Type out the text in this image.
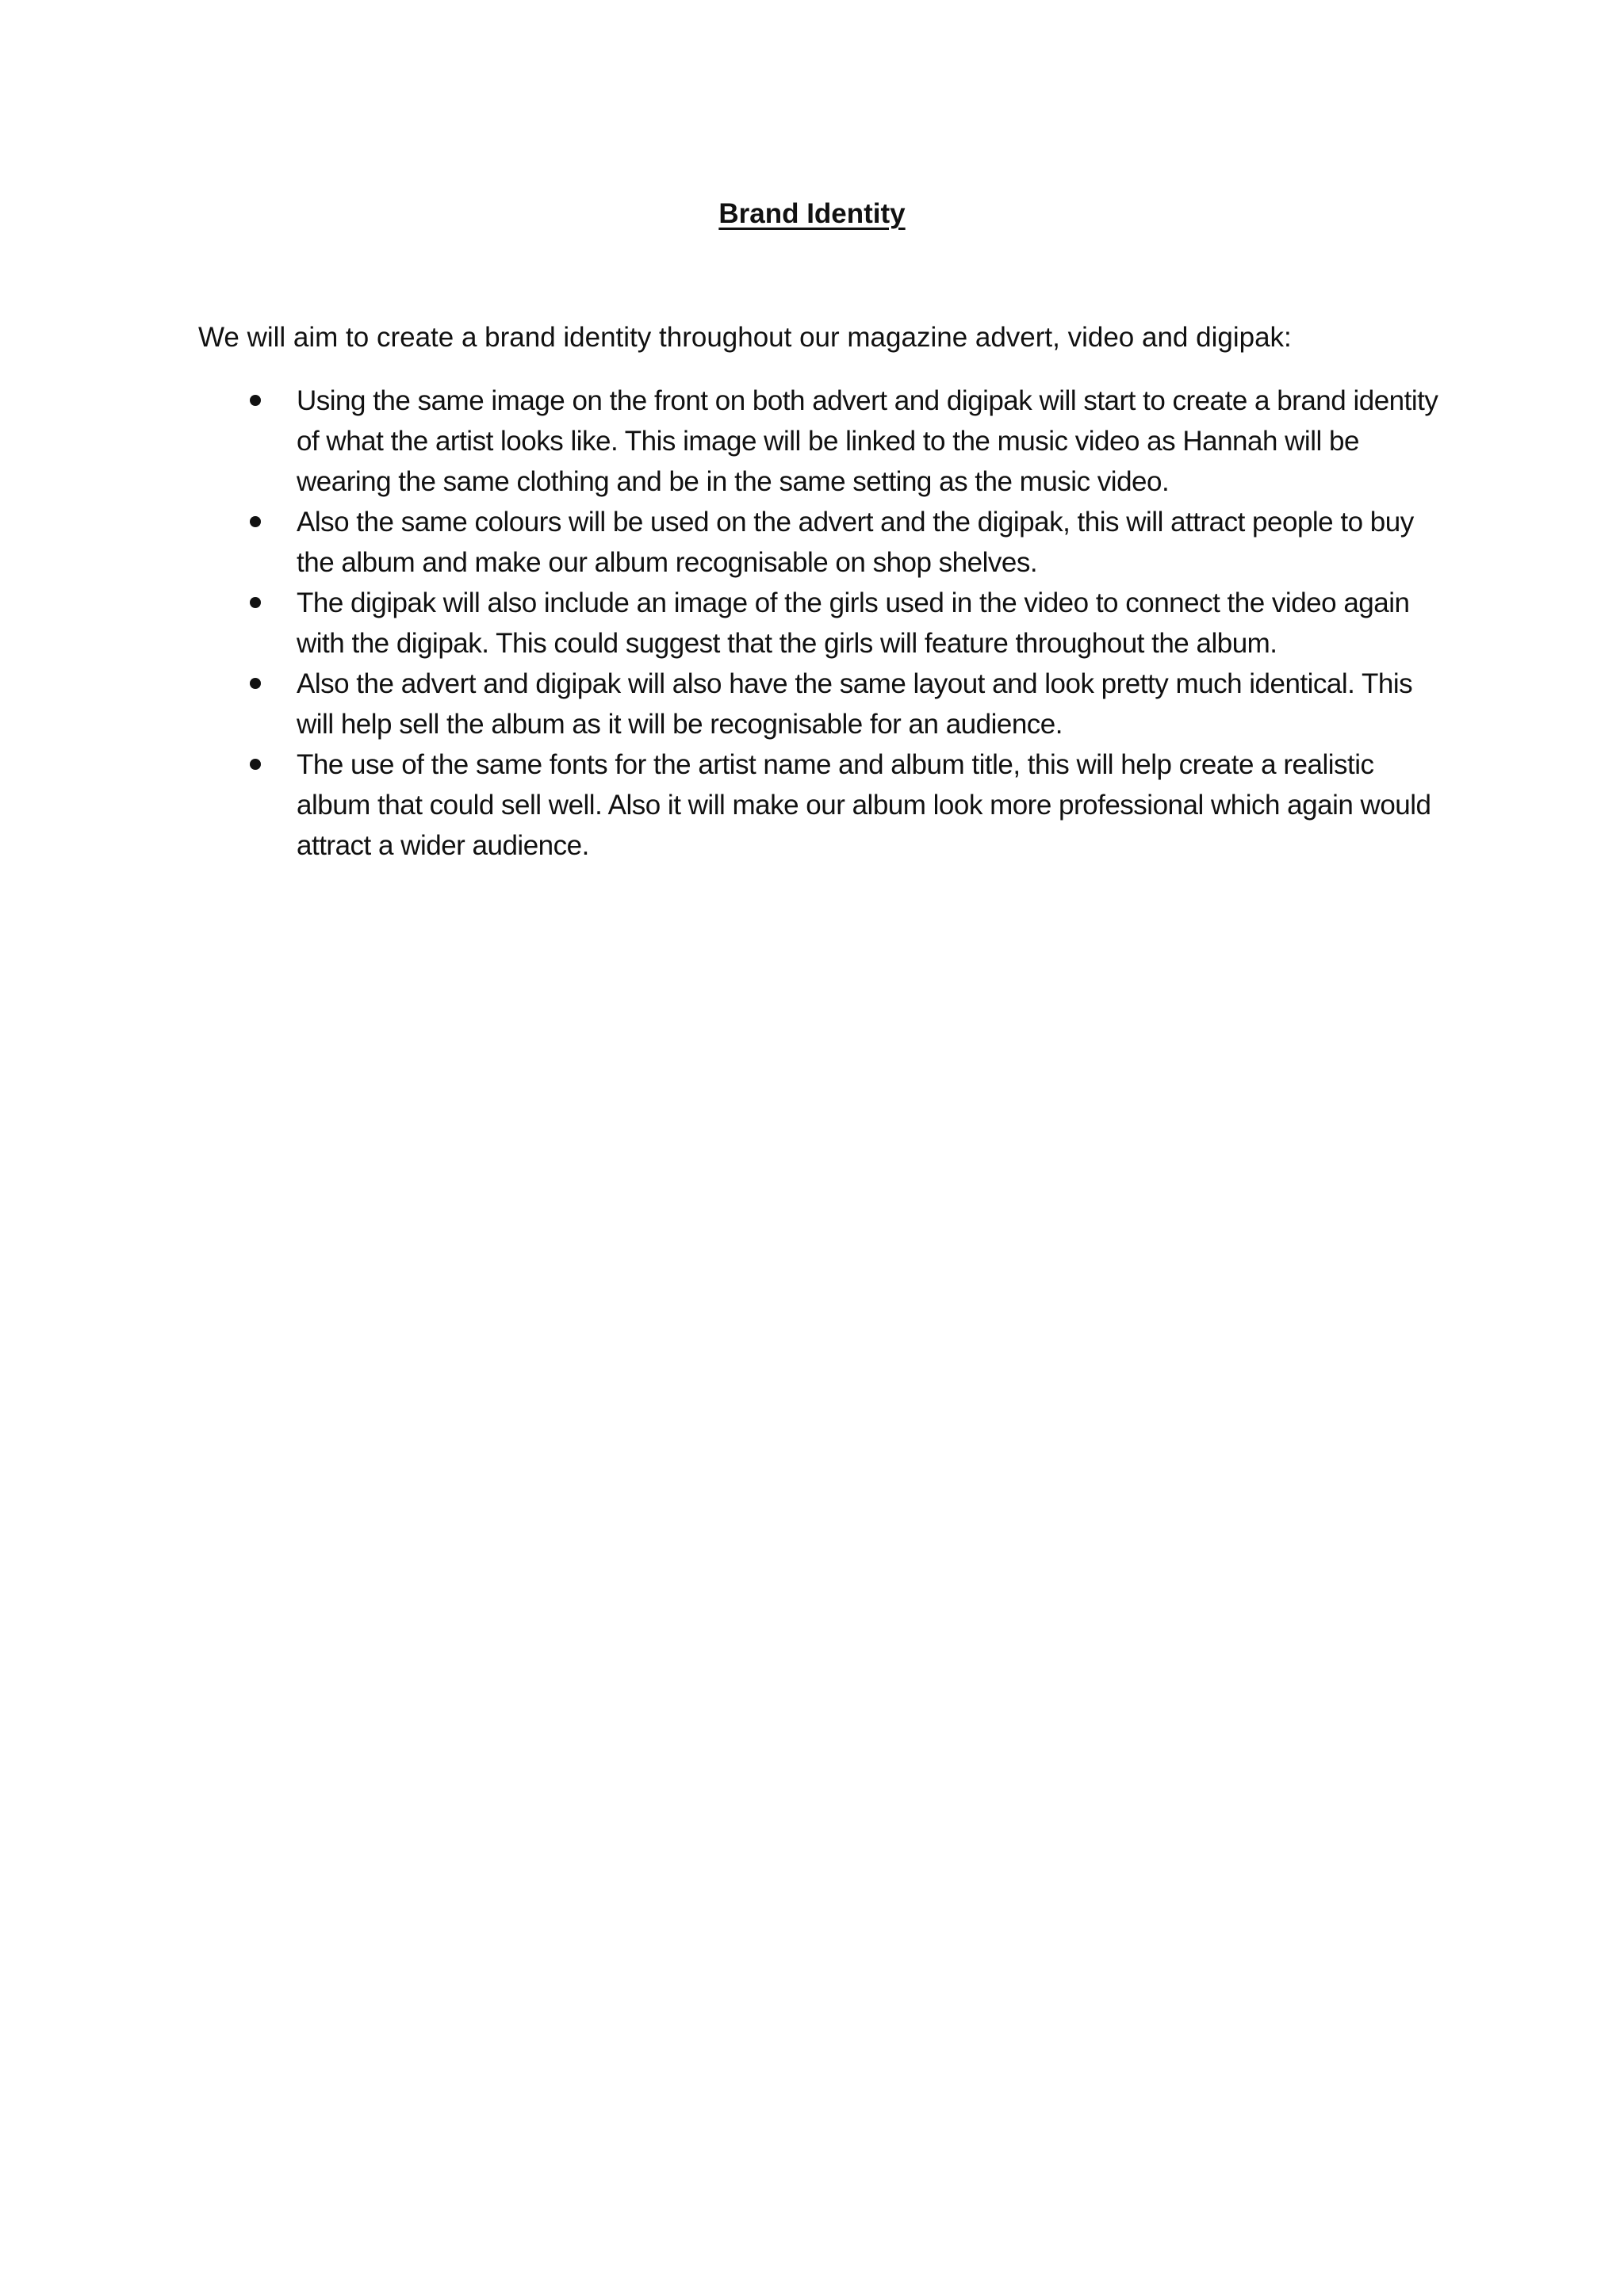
Brand Identity

We will aim to create a brand identity throughout our magazine advert, video and digipak:

Using the same image on the front on both advert and digipak will start to create a brand identity of what the artist looks like. This image will be linked to the music video as Hannah will be wearing the same clothing and be in the same setting as the music video.
Also the same colours will be used on the advert and the digipak, this will attract people to buy the album and make our album recognisable on shop shelves.
The digipak will also include an image of the girls used in the video to connect the video again with the digipak. This could suggest that the girls will feature throughout the album.
Also the advert and digipak will also have the same layout and look pretty much identical. This will help sell the album as it will be recognisable for an audience.
The use of the same fonts for the artist name and album title, this will help create a realistic album that could sell well. Also it will make our album look more professional which again would attract a wider audience.
